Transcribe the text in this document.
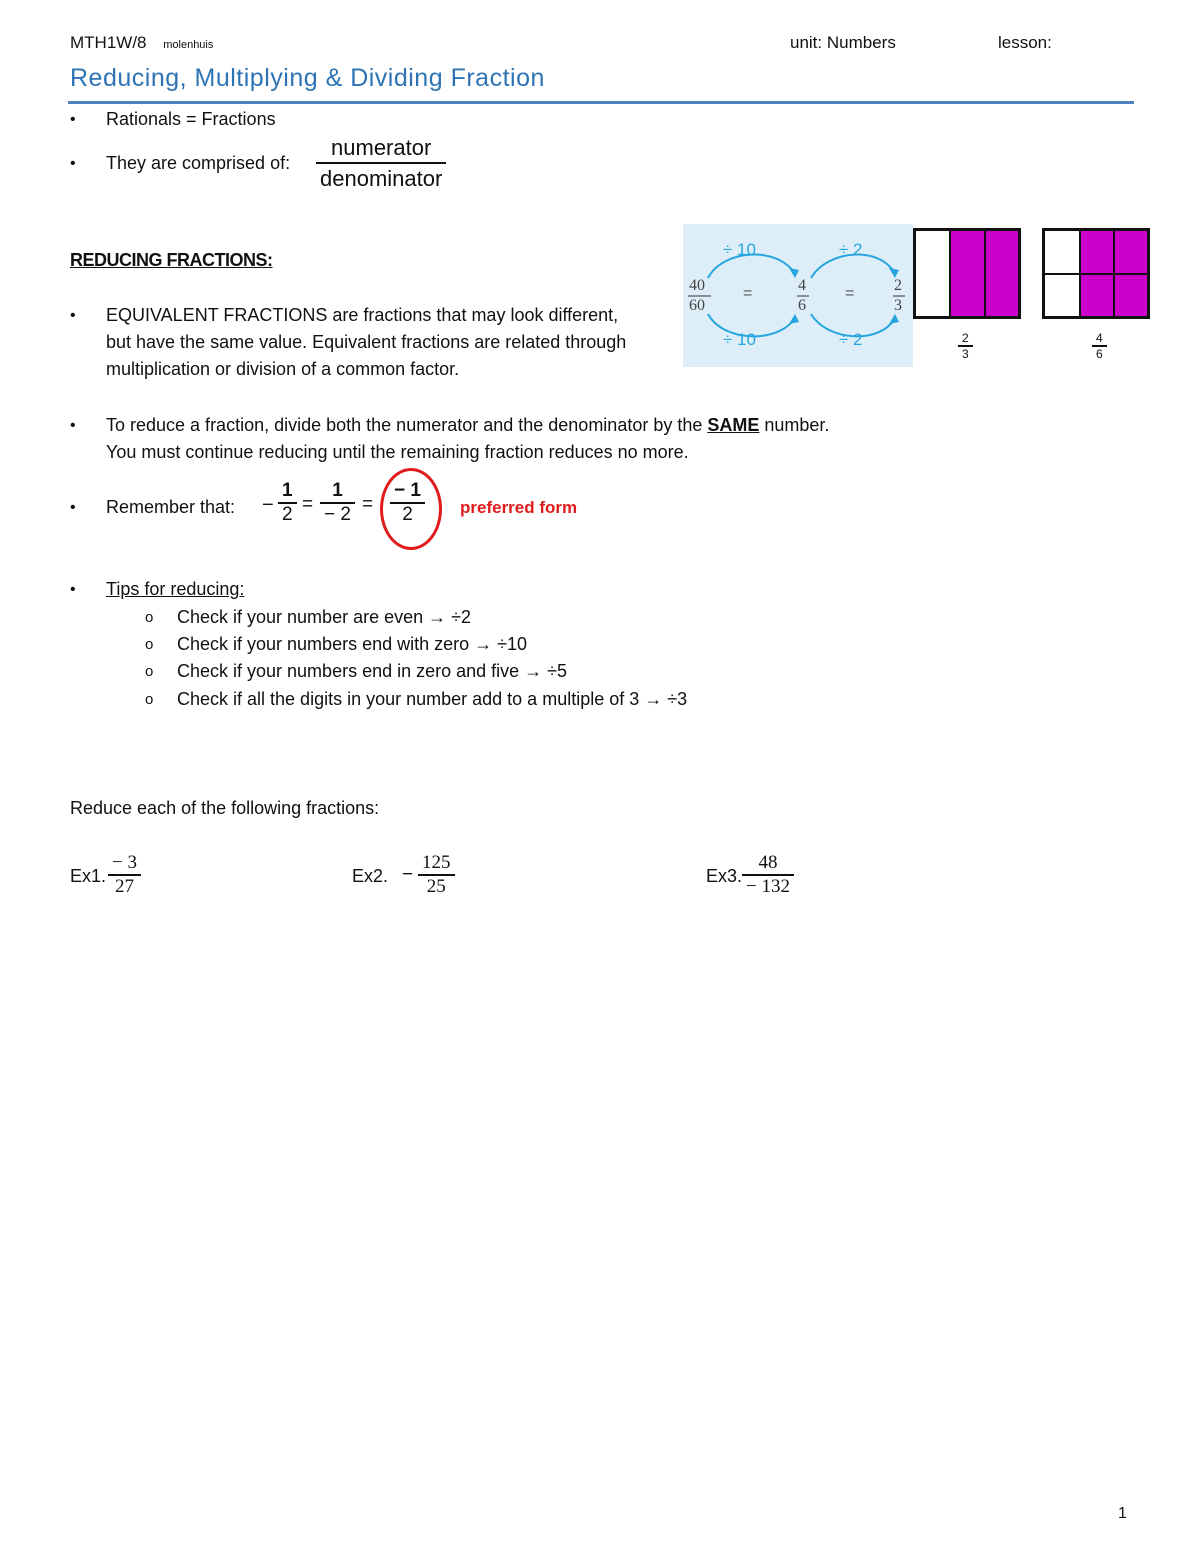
MTH1W/8 molenhuis	unit: Numbers	lesson:
Reducing, Multiplying & Dividing Fraction
• Rationals = Fractions
• They are comprised of:
numerator
denominator
REDUCING FRACTIONS:
• EQUIVALENT FRACTIONS are fractions that may look different,
but have the same value. Equivalent fractions are related through
multiplication or division of a common factor.
÷ 10	÷ 2
÷ 10	÷ 2
40
60
=	4
6
= 2
3
2
3
4
6
• To reduce a fraction, divide both the numerator and the denominator by the SAME number.
You must continue reducing until the remaining fraction reduces no more.
• Remember that: −
1
2 =
1
− 2 =
− 1
2	preferred form
• Tips for reducing:
o Check if your number are even → ÷2
o Check if your numbers end with zero → ÷10
o Check if your numbers end in zero and five → ÷5
o Check if all the digits in your number add to a multiple of 3 → ÷3
Reduce each of the following fractions:
Ex1.
− 3
27	Ex2. −
125
25	Ex3.
48
− 132
1
